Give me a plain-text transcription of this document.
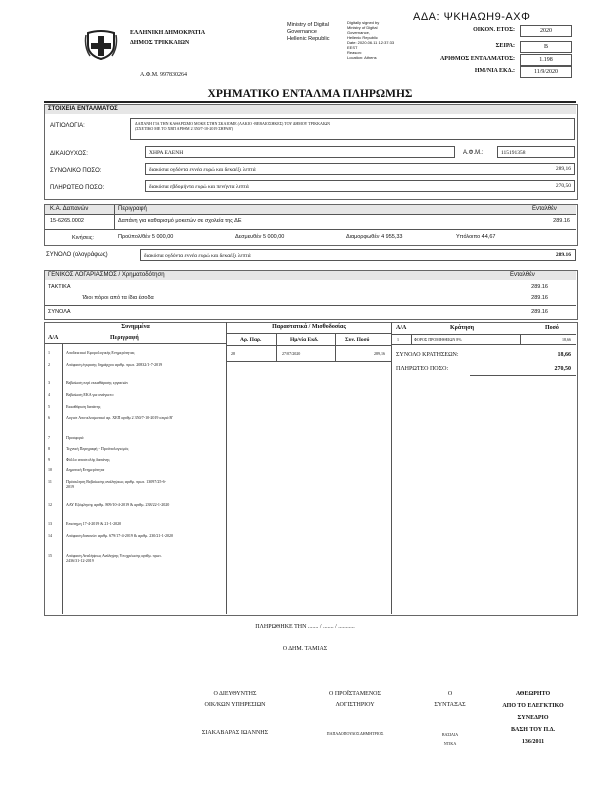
ΕΛΛΗΝΙΚΗ ΔΗΜΟΚΡΑΤΙΑ
ΔΗΜΟΣ ΤΡΙΚΚΑΙΩΝ
Α.Φ.Μ. 997830264
Ministry of Digital
Governance
Hellenic Republic
Digitally signed by
Ministry of Digital
Governance,
Hellenic Republic
Date: 2020.06.11 12:37:33
EEST
Reason:
Location: Athens
ΑΔΑ: ΨΚΗΑΩΗ9-ΑΧΦ
ΟΙΚΟΝ. ΕΤΟΣ:	2020
ΣΕΙΡΑ:	Β
ΑΡΙΘΜΟΣ ΕΝΤΑΛΜΑΤΟΣ:	1.198
ΗΜ/ΝΙΑ ΕΚΔ.:	11/9/2020
ΧΡΗΜΑΤΙΚΟ ΕΝΤΑΛΜΑ ΠΛΗΡΩΜΗΣ
ΣΤΟΙΧΕΙΑ ΕΝΤΑΛΜΑΤΟΣ
ΑΙΤΙΟΛΟΓΙΑ:	ΔΑΠΑΝΗ ΓΙΑ ΤΗΝ ΚΑΘΑΡΙΣΜΟ ΜΟΚΕ ΣΤΗΝ ΣΚΑΙΟΜΕ (ΛΑΚΙΟ -ΒΕΒΑΙΟΣΗΚΕΣ) ΤΟΥ ΔΗΜΟΥ ΤΡΙΚΚΑΙΩΝ
(ΣΧΕΤΙΚΟ ΜΕ ΤΟ ΧΒΠ ΑΡΙΘΜ 2 350/7-10-2019 ΣΗΡΑΒ')
ΔΙΚΑΙΟΥΧΟΣ:	ΧΗΡΑ ΕΛΕΝΗ	Α.Φ.Μ.:	115191358
ΣΥΝΟΛΙΚΟ ΠΟΣΟ:	διακόσια ογδόντα εννέα ευρώ και δεκαέξι λεπτά	289,16
ΠΛΗΡΩΤΕΟ ΠΟΣΟ:	διακόσια εβδομήντα ευρώ και πενήντα λεπτά	270,50
Κ.Α. Δαπανών	Περιγραφή	Ενταλθέν
15-6265.0002	Δαπάνη για καθαρισμό μοκετών σε σχολεία της ΔΕ	289.16
Κινήσεις:	Προϋπολ/θέν 5 000,00	Δεσμευθέν 5 000,00	Διαμορφωθέν 4 955,33	Υπόλοιπο 44,67
ΣΥΝΟΛΟ (ολογράφως)	διακόσια ογδόντα εννέα ευρώ και δεκαέξι λεπτά	289.16
ΓΕΝΙΚΟΣ ΛΟΓΑΡΙΑΣΜΟΣ / Χρηματοδότηση	Ενταλθέν
ΤΑΚΤΙΚΑ	289.16
Ίδιοι πόροι από τα ίδια έσοδα	289.16
ΣΥΝΟΛΑ	289.16
Συνημμένα
Α/Α	Περιγραφή
1	Αποδεικτικό Εφορολογικής Ενημερότητας
2	Απόφαση έγκρισης δημάρχου αριθμ. πρωτ. 20832/1-7-2019
3	Βεβαίωση περί εκκαθάρισης εργασιών
4	Βεβαίωση ΕΚΑ για ανάγκετο
5	Εκκαθάριση δαπάνης
6	Λογιστ Αποτελεσματικό αρ. ΧΕΠ αριθμ 2 350/7-10-2019 σειρά Β'
7	Προσφορά
8	Τεχνική Περιγραφή - Προϋπολογισμός
9	Φύλλο αποστολής δαπάνης
10	Δημοτική Ενημερότητα
11	Πρόσκληση Βεβαίωσης ανάληψεως αριθμ. πρωτ. 13097/25-6-2019
12	ΑΑΥ Εξόφλησης αριθμ. 809/10-4-2019 & αριθμ. 238/22-1-2020
13	Επιστημη 17-4-2019 & 21-1-2020
14	Απόφαση δαπανών αριθμ. 679/17-4-2019 & αριθμ. 230/21-1-2020
15	Απόφαση Αναλήψεως Ανάληψης Υποχρέωσης αριθμ. πρωτ. 2436/31-12-2019
Παραστατικά / Μισθοδοσίας
Αρ. Παρ.	Ημ/νία Εκδ.	Συν. Ποσό
28	27/07/2020	289,16
Α/Α	Κράτηση	Ποσό
1	ΦΟΡΟΣ ΠΡΟΜΗΘΕΙΩΝ 8%	18,66
ΣΥΝΟΛΟ ΚΡΑΤΗΣΕΩΝ:	18,66
ΠΛΗΡΩΤΕΟ ΠΟΣΟ:	270,50
ΠΛΗΡΩΘΗΚΕ ΤΗΝ ....... / ....... / ...........
Ο ΔΗΜ. ΤΑΜΙΑΣ
Ο ΔΙΕΥΘΥΝΤΗΣ
ΟΙΚ/ΚΩΝ ΥΠΗΡΕΣΙΩΝ
ΣΙΑΚΑΒΑΡΑΣ ΙΩΑΝΝΗΣ
Ο ΠΡΟΪΣΤΑΜΕΝΟΣ
ΛΟΓΙΣΤΗΡΙΟΥ
ΠΑΠΑΔΟΠΟΥΛΟΣ ΔΗΜΗΤΡΙΟΣ
Ο
ΣΥΝΤΑΞΑΣ
ΒΑΣΙΛΙΑ
ΝΤΙΚΑ
ΑΘΕΩΡΗΤΟ
ΑΠΟ ΤΟ ΕΛΕΓΚΤΙΚΟ
ΣΥΝΕΔΡΙΟ
ΒΑΣΗ ΤΟΥ Π.Δ.
136/2011
